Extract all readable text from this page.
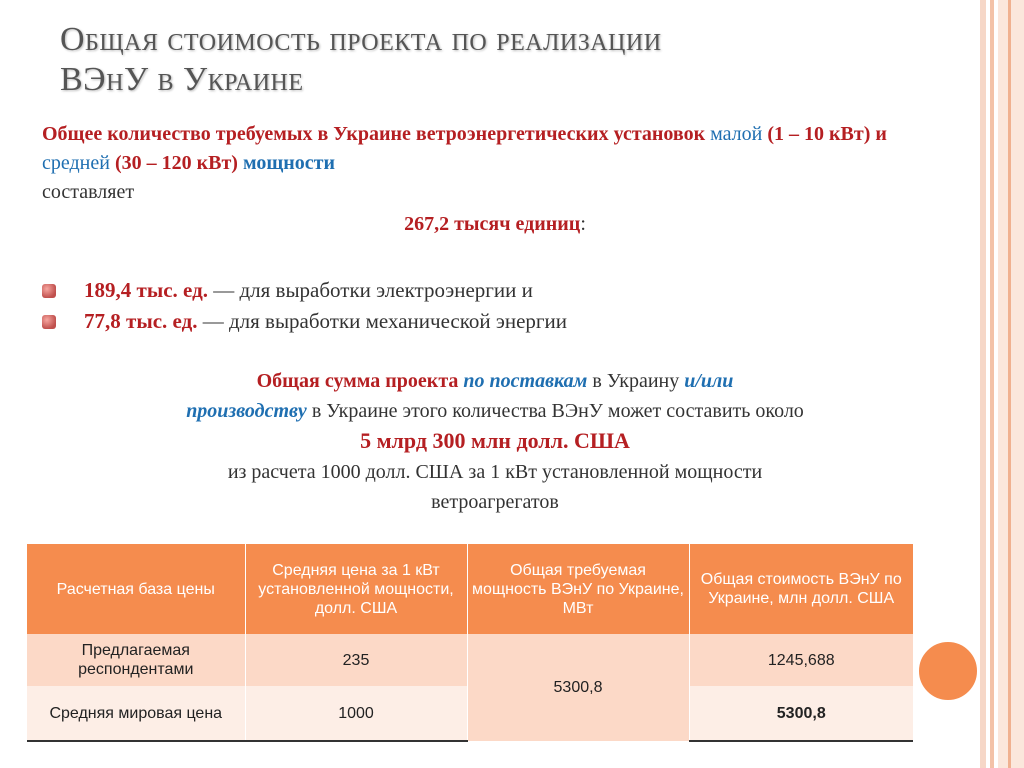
Общая стоимость проекта по реализации
ВЭнУ в Украине
Общее количество требуемых в Украине ветроэнергетических установок малой (1 – 10 кВт) и средней (30 – 120 кВт) мощности
составляет
267,2 тысяч единиц:
189,4 тыс. ед. — для выработки электроэнергии и
77,8 тыс. ед. — для выработки механической энергии
Общая сумма проекта по поставкам в Украину и/или
производству в Украине этого количества ВЭнУ может составить около
5 млрд 300 млн долл. США
из расчета 1000 долл. США за 1 кВт установленной мощности
ветроагрегатов
Расчетная база цены	Средняя цена за 1 кВт установленной мощности, долл. США	Общая требуемая мощность ВЭнУ по Украине, МВт	Общая стоимость ВЭнУ по Украине, млн долл. США
Предлагаемая респондентами	235	5300,8	1245,688
Средняя мировая цена	1000		5300,8
